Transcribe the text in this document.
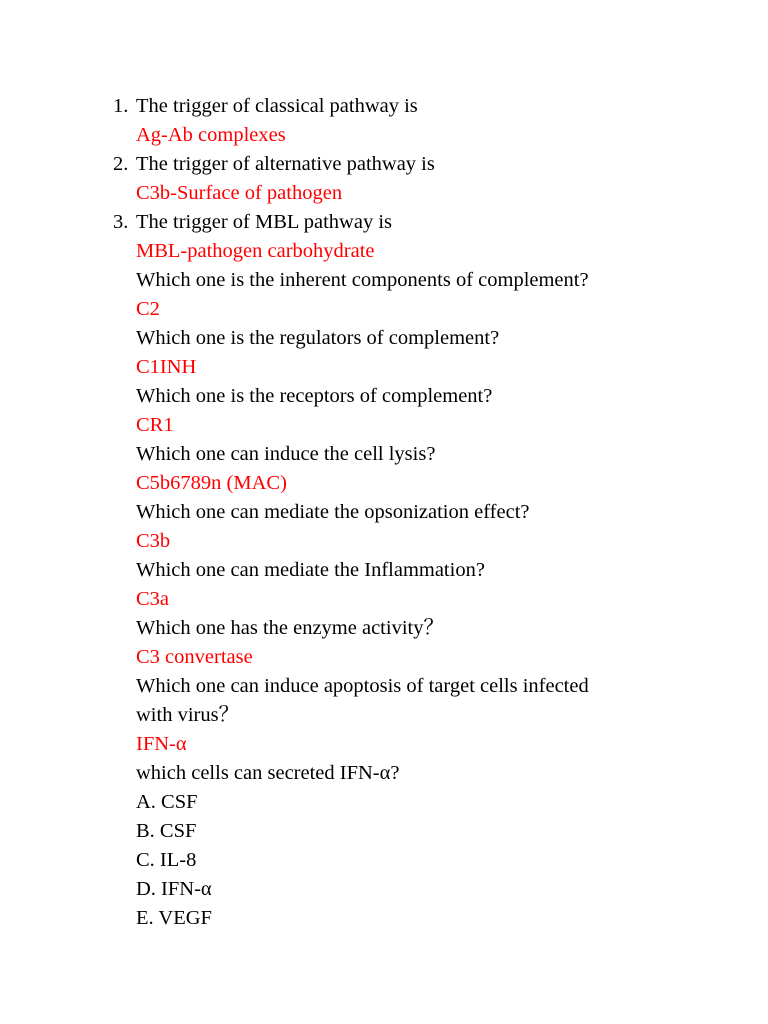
1. The trigger of classical pathway is
Ag-Ab complexes
2. The trigger of alternative pathway is
C3b-Surface of pathogen
3. The trigger of MBL pathway is
MBL-pathogen carbohydrate
Which one is the inherent components of complement?
C2
Which one is the regulators of complement?
C1INH
Which one is the receptors of complement?
CR1
Which one can induce the cell lysis?
C5b6789n (MAC)
Which one can mediate the opsonization effect?
C3b
Which one can mediate the Inflammation?
C3a
Which one has the enzyme activity？
C3 convertase
Which one can induce apoptosis of target cells infected
with virus？
IFN-α
which cells can secreted IFN-α?
A. CSF
B. CSF
C. IL-8
D. IFN-α
E. VEGF
